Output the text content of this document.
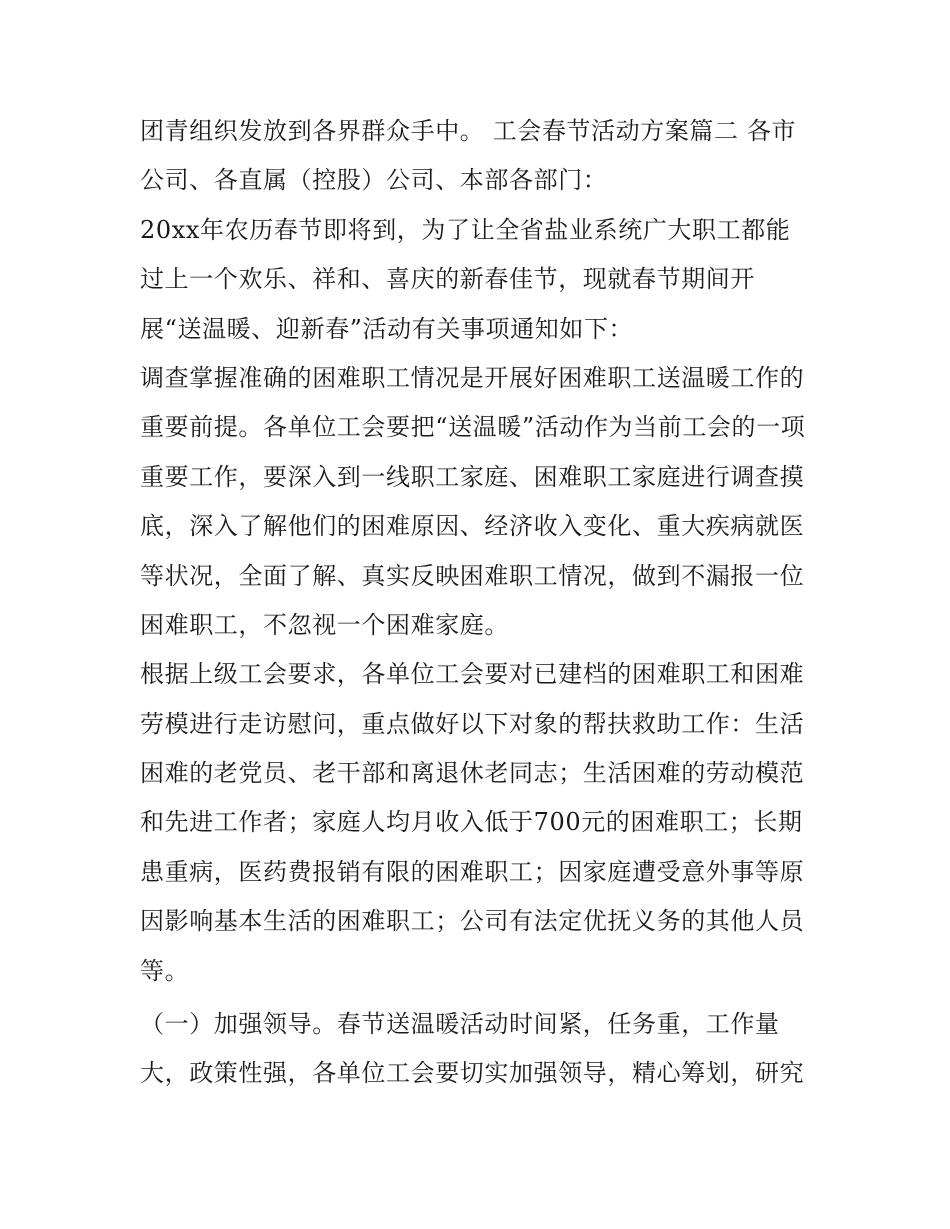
团青组织发放到各界群众手中。 工会春节活动方案篇二 各市
公司、各直属（控股）公司、本部各部门：
20xx年农历春节即将到，为了让全省盐业系统广大职工都能
过上一个欢乐、祥和、喜庆的新春佳节，现就春节期间开
展“送温暖、迎新春”活动有关事项通知如下：
调查掌握准确的困难职工情况是开展好困难职工送温暖工作的
重要前提。各单位工会要把“送温暖”活动作为当前工会的一项
重要工作，要深入到一线职工家庭、困难职工家庭进行调查摸
底，深入了解他们的困难原因、经济收入变化、重大疾病就医
等状况，全面了解、真实反映困难职工情况，做到不漏报一位
困难职工，不忽视一个困难家庭。
根据上级工会要求，各单位工会要对已建档的困难职工和困难
劳模进行走访慰问，重点做好以下对象的帮扶救助工作：生活
困难的老党员、老干部和离退休老同志；生活困难的劳动模范
和先进工作者；家庭人均月收入低于700元的困难职工；长期
患重病，医药费报销有限的困难职工；因家庭遭受意外事等原
因影响基本生活的困难职工；公司有法定优抚义务的其他人员
等。
（一）加强领导。春节送温暖活动时间紧，任务重，工作量
大，政策性强，各单位工会要切实加强领导，精心筹划，研究
